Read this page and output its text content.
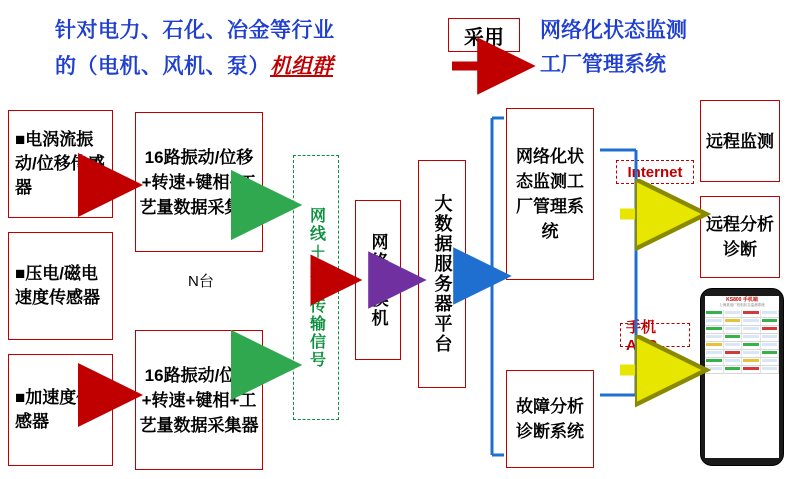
针对电力、石化、冶金等行业
的（电机、风机、泵）机组群
采用 网络化状态监测
工厂管理系统
■电涡流振动/位移传感器
■压电/磁电速度传感器
■加速度传感器
16路振动/位移+转速+键相+工艺量数据采集器
N台
16路振动/位移+转速+键相+工艺量数据采集器
网线＋光纤传输信号	网络交换机	大数据服务器平台
网络化状态监测工厂管理系统
故障分析诊断系统
远程监测
远程分析诊断
Internet
手机APP
KS800 手机端
上海某电厂机组状态监测系统
